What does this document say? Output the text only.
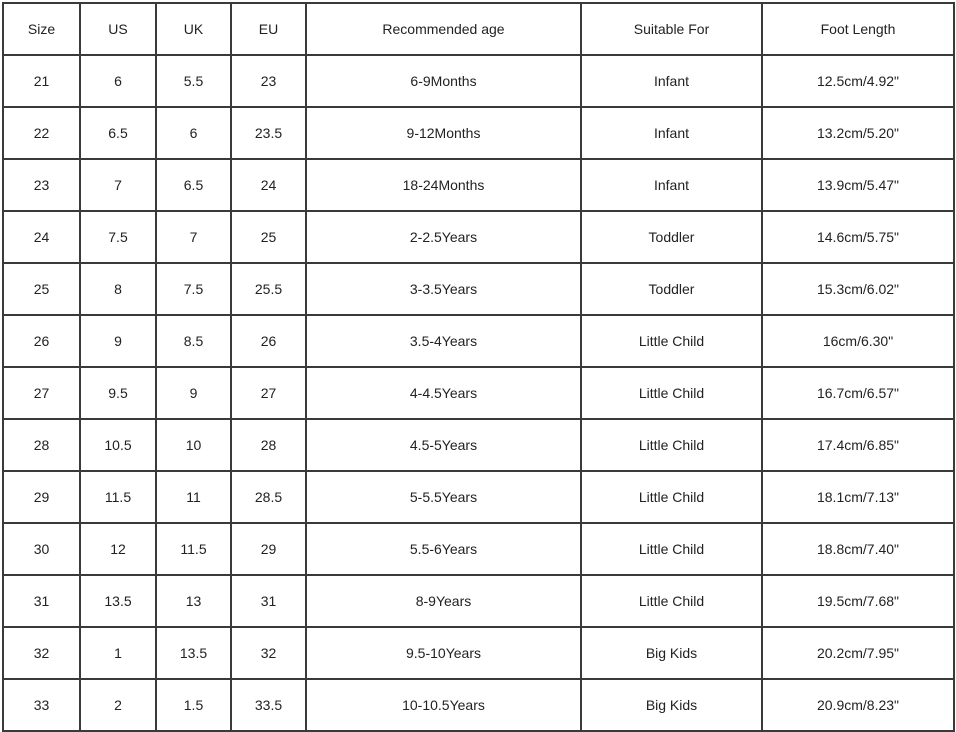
Size	US	UK	EU	Recommended age	Suitable For	Foot Length
21	6	5.5	23	6-9Months	Infant	12.5cm/4.92"
22	6.5	6	23.5	9-12Months	Infant	13.2cm/5.20"
23	7	6.5	24	18-24Months	Infant	13.9cm/5.47"
24	7.5	7	25	2-2.5Years	Toddler	14.6cm/5.75"
25	8	7.5	25.5	3-3.5Years	Toddler	15.3cm/6.02"
26	9	8.5	26	3.5-4Years	Little Child	16cm/6.30"
27	9.5	9	27	4-4.5Years	Little Child	16.7cm/6.57"
28	10.5	10	28	4.5-5Years	Little Child	17.4cm/6.85"
29	11.5	11	28.5	5-5.5Years	Little Child	18.1cm/7.13"
30	12	11.5	29	5.5-6Years	Little Child	18.8cm/7.40"
31	13.5	13	31	8-9Years	Little Child	19.5cm/7.68"
32	1	13.5	32	9.5-10Years	Big Kids	20.2cm/7.95"
33	2	1.5	33.5	10-10.5Years	Big Kids	20.9cm/8.23"
